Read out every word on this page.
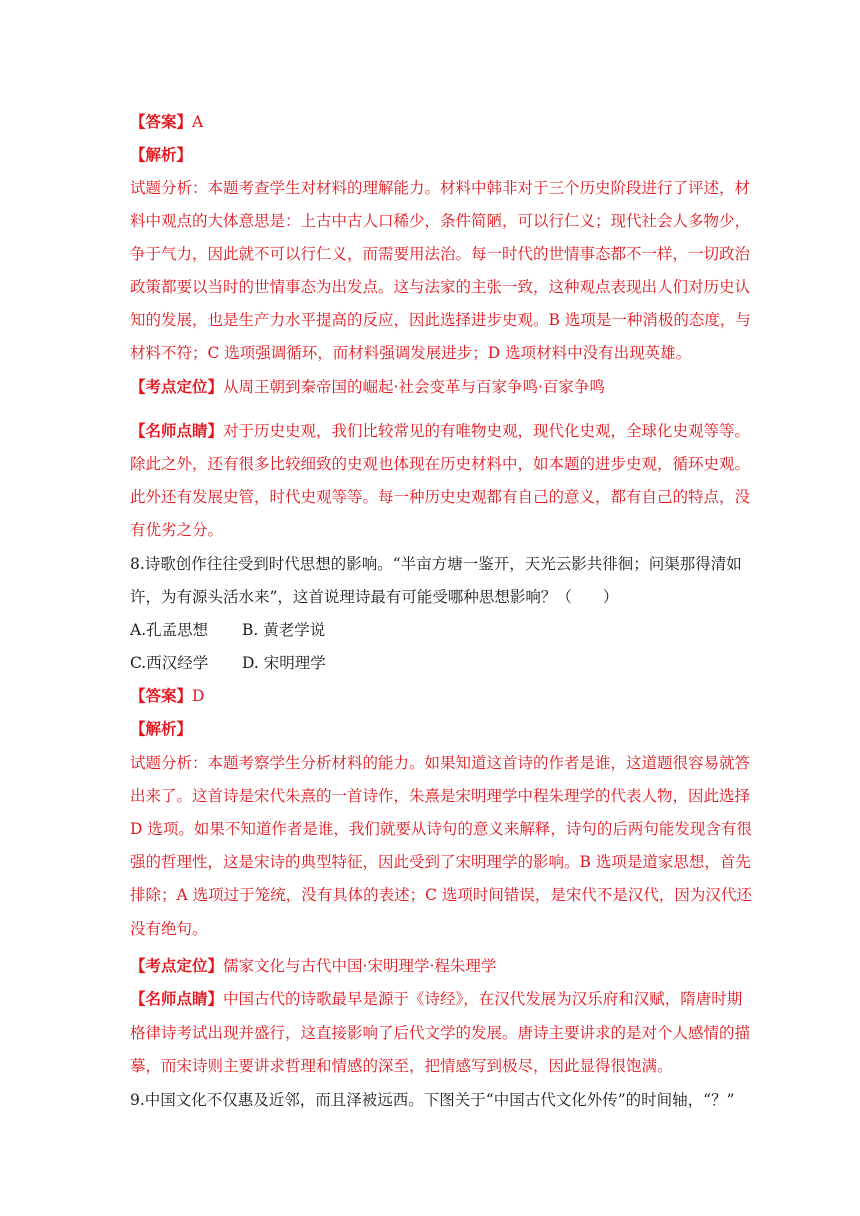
【答案】A
【解析】
试题分析：本题考查学生对材料的理解能力。材料中韩非对于三个历史阶段进行了评述，材
料中观点的大体意思是：上古中古人口稀少，条件简陋，可以行仁义；现代社会人多物少，
争于气力，因此就不可以行仁义，而需要用法治。每一时代的世情事态都不一样，一切政治
政策都要以当时的世情事态为出发点。这与法家的主张一致，这种观点表现出人们对历史认
知的发展，也是生产力水平提高的反应，因此选择进步史观。B 选项是一种消极的态度，与
材料不符；C 选项强调循环，而材料强调发展进步；D 选项材料中没有出现英雄。
【考点定位】从周王朝到秦帝国的崛起·社会变革与百家争鸣·百家争鸣
【名师点睛】对于历史史观，我们比较常见的有唯物史观，现代化史观，全球化史观等等。
除此之外，还有很多比较细致的史观也体现在历史材料中，如本题的进步史观，循环史观。
此外还有发展史管，时代史观等等。每一种历史史观都有自己的意义，都有自己的特点，没
有优劣之分。
8.诗歌创作往往受到时代思想的影响。“半亩方塘一鉴开，天光云影共徘徊；问渠那得清如
许，为有源头活水来”，这首说理诗最有可能受哪种思想影响？（　　）
A.孔孟思想 B. 黄老学说
C.西汉经学 D. 宋明理学
【答案】D
【解析】
试题分析：本题考察学生分析材料的能力。如果知道这首诗的作者是谁，这道题很容易就答
出来了。这首诗是宋代朱熹的一首诗作，朱熹是宋明理学中程朱理学的代表人物，因此选择
D 选项。如果不知道作者是谁，我们就要从诗句的意义来解释，诗句的后两句能发现含有很
强的哲理性，这是宋诗的典型特征，因此受到了宋明理学的影响。B 选项是道家思想，首先
排除；A 选项过于笼统，没有具体的表述；C 选项时间错误，是宋代不是汉代，因为汉代还
没有绝句。
【考点定位】儒家文化与古代中国·宋明理学·程朱理学
【名师点睛】中国古代的诗歌最早是源于《诗经》，在汉代发展为汉乐府和汉赋，隋唐时期
格律诗考试出现并盛行，这直接影响了后代文学的发展。唐诗主要讲求的是对个人感情的描
摹，而宋诗则主要讲求哲理和情感的深至，把情感写到极尽，因此显得很饱满。
9.中国文化不仅惠及近邻，而且泽被远西。下图关于“中国古代文化外传”的时间轴，“？”
